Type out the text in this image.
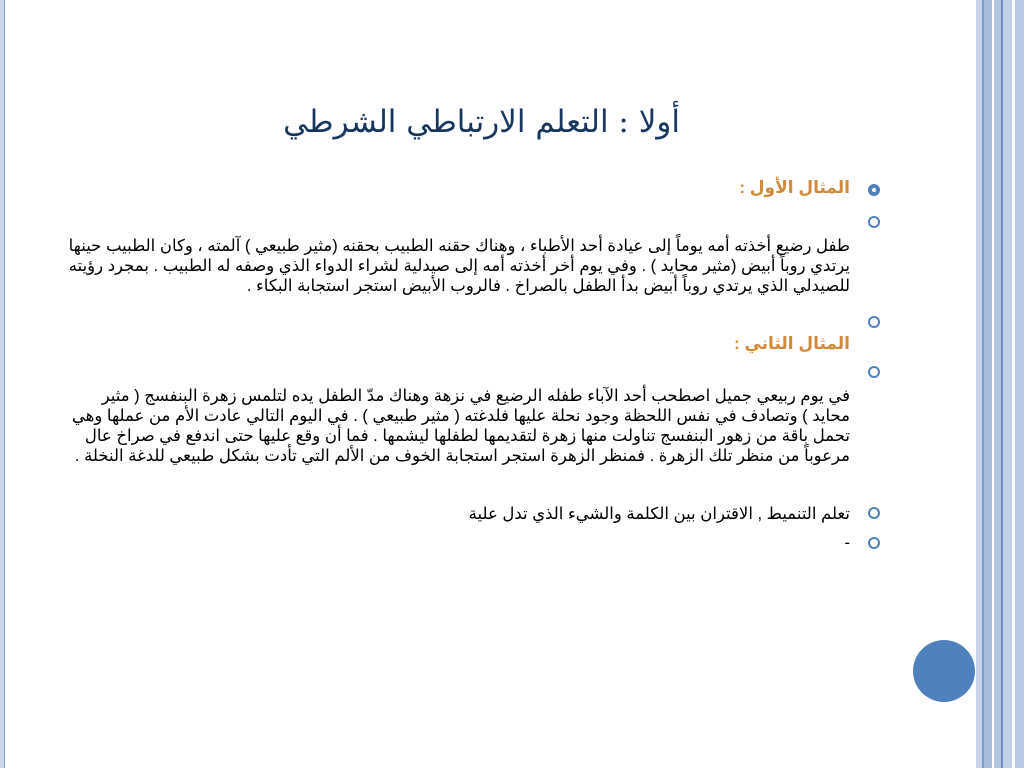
أولا : التعلم الارتباطي الشرطي
المثال الأول :
طفل رضيع أخذته أمه يوماً إلى عيادة أحد الأطباء ، وهناك حقنه الطبيب بحقنه (مثير طبيعي ) آلمته ، وكان الطبيب حينها يرتدي روباً أبيض (مثير محايد ) . وفي يوم أخر أخذته أمه إلى صيدلية لشراء الدواء الذي وصفه له الطبيب . بمجرد رؤيته للصيدلي الذي يرتدي روباً أبيض بدأ الطفل بالصراخ . فالروب الأبيض استجر استجابة البكاء .
المثال الثاني :
في يوم ربيعي جميل اصطحب أحد الآباء طفله الرضيع في نزهة وهناك مدّ الطفل يده لتلمس زهرة البنفسج ( مثير محايد ) وتصادف في نفس اللحظة وجود نحلة عليها فلدغته ( مثير طبيعي ) . في اليوم التالي عادت الأم من عملها وهي تحمل باقة من زهور البنفسج تناولت منها زهرة لتقديمها لطفلها ليشمها . فما أن وقع عليها حتى اندفع في صراخ عال مرعوباً من منظر تلك الزهرة . فمنظر الزهرة استجر استجابة الخوف من الألم التي تأدت بشكل طبيعي للدغة النخلة .
تعلم التنميط , الاقتران بين الكلمة والشيء الذي تدل علية
-
